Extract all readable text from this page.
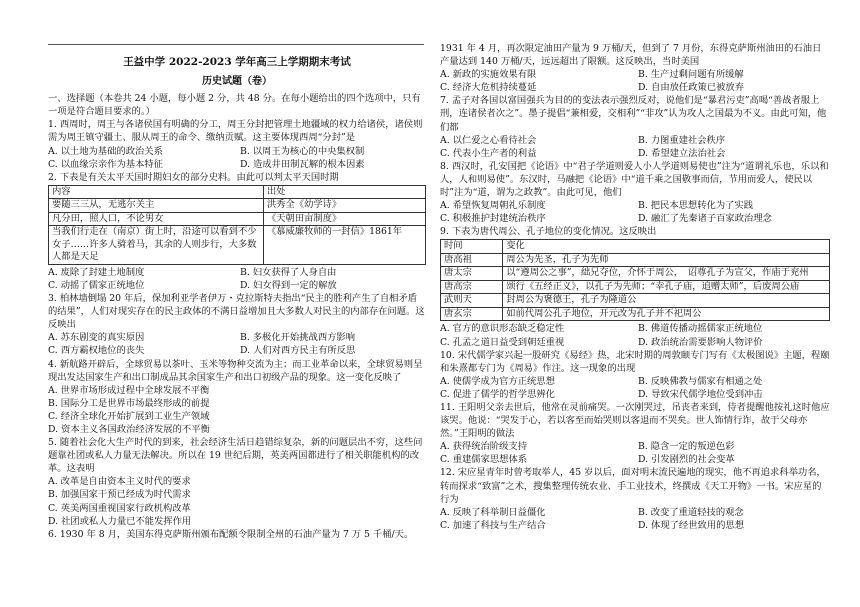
王益中学 2022-2023 学年高三上学期期末考试
历史试题（卷）

一、选择题（本卷共 24 小题，每小题 2 分，共 48 分。在每小题给出的四个选项中，只有一项是符合题目要求的。）

1. 西周时，周王与各诸侯国有明确的分工，周王分封把管理土地疆域的权力给诸侯，诸侯则需为周王镇守疆土、服从周王的命令、缴纳贡赋。这主要体现西周“分封”是

A. 以土地为基础的政治关系	B. 以周王为核心的中央集权制
C. 以血缘宗亲作为基本特征	D. 造成井田制瓦解的根本因素

2. 下表是有关太平天国时期妇女的部分史料。由此可以判太平天国时期

内容	出处
要随三三从，无逃尔关主	洪秀全《幼学诗》
凡分田，照人口，不论男女	《天朝田亩制度》
当我们行走在（南京）街上时，沿途可以看到不少女子……许多人骑着马，其余的人则步行，大多数人都是天足	《慕威廉牧师的一封信》1861年
A. 废除了封建土地制度	B. 妇女获得了人身自由
C. 动摇了儒家正统地位	D. 妇女得到一定的解放

3. 柏林墙倒塌 20 年后，保加利亚学者伊万・克拉斯特夫指出“民主的胜利产生了自相矛盾的结果”，人们对现实存在的民主政体的不满日益增加且大多数人对民主的内部存在问题。这反映出

A. 苏东剧变的真实原因	B. 多极化开始挑战西方影响
C. 西方霸权地位的丧失	D. 人们对西方民主有所反思

4. 新航路开辟后，全球贸易以茶叶、玉米等物种交流为主；而工业革命以来，全球贸易则呈现出发达国家生产和出口制成品其余国家生产和出口初级产品的现象。这一变化反映了

A. 世界市场形成过程中全球发展不平衡

B. 国际分工是世界市场最终形成的前提

C. 经济全球化开始扩展到工业生产领域

D. 资本主义各国政治经济发展的不平衡

5. 随着社会化大生产时代的到来，社会经济生活日趋错综复杂，新的问题层出不穷，这些问题靠社团或私人力量无法解决。所以在 19 世纪后期，英美两国都进行了相关职能机构的改革。这表明

A. 改革是自由资本主义时代的要求

B. 加强国家干预已经成为时代需求

C. 英美两国重视国家行政机构改革

D. 社团或私人力量已不能发挥作用

6. 1930 年 8 月，美国东得克萨斯州颁布配额令限制全州的石油产量为 7 万 5 千桶/天。

1931 年 4 月，再次限定油田产量为 9 万桶/天，但到了 7 月份，东得克萨斯州油田的石油日产量达到 140 万桶/天，远远超出了限额。这反映出，当时美国

A. 新政的实施效果有限	B. 生产过剩问题有所缓解
C. 经济大危机持续蔓延	D. 自由放任政策已被放弃

7. 孟子对各国以富国强兵为目的的变法表示强烈反对，说他们是“暴君污吏”高喝“善战者服上刑，连诸侯者次之”。墨子提倡“兼相爱，交相利”“非攻”认为攻人之国最为不义。由此可知，他们都

A. 以仁爱之心看待社会	B. 力图重建社会秩序
C. 代表小生产者的利益	D. 希望建立法治社会

8. 西汉时，孔安国把《论语》中“君子学道则爱人小人学道则易使也”注为“道谓礼乐也，乐以和人，人和则易使”。东汉时，马融把《论语》中“道千乘之国敬事而信，节用而爱人，使民以时”注为“道，谓为之政教”。由此可见，他们

A. 希望恢复周朝礼乐制度	B. 把民本思想转化为了实践
C. 积极推护封建统治秩序	D. 融汇了先秦诸子百家政治理念

9. 下表为唐代周公、孔子地位的变化情况。这反映出

时间	变化
唐高祖	周公为先圣，孔子为先师
唐太宗	以“遵周公之事”，絀兄夺位，介怀于周公，　诏尊孔子为宣父，作庙于兖州
唐高宗	颂行《五经正义》，以孔子为先师；“幸孔子庙，追赠太师”，后废周公庙
武则天	封周公为褒德王，孔子为隆道公
唐玄宗	如前代周公孔子地位，开元改为孔子并不祀周公
A. 官方的意识形态缺乏稳定性	B. 佛道传播动摇儒家正统地位
C. 孔孟之道日益受到朝廷重视	D. 政治统治需要影响人物评价

10. 宋代儒学家兴起一股研究《易经》热，北宋时期的周敦颐专门写有《太极图说》主题，程颐和朱熹都专门为《周易》作注。这一现象的出现

A. 使儒学成为官方正统思想	B. 反映佛教与儒家有相通之处
C. 促进了儒学的哲学思辨化	D. 导致宋代儒学地位受到冲击

11. 王阳明父亲去世后，他常在灵前痛哭。一次刚哭过，吊丧者来到，侍者提醒他按礼这时他应该哭。他说：“哭发于心，若以客至而始哭则以客退而不哭矣。世人饰情行诈，故于父母亦然。”王阳明的做法

A. 获得统治阶级支持	B. 隐含一定的叛逆色彩
C. 重建儒家思想体系	D. 引发剧烈的社会变革

12. 宋应星青年时曾考取举人，45 岁以后，面对明末流民遍地的现实，他不再追求科举功名，转而探求“致富”之术，搜集整理传统农业、手工业技术，终撰成《天工开物》一书。宋应星的行为

A. 反映了科举制日益僵化	B. 改变了重道轻技的观念
C. 加速了科技与生产结合	D. 体现了经世致用的思想
